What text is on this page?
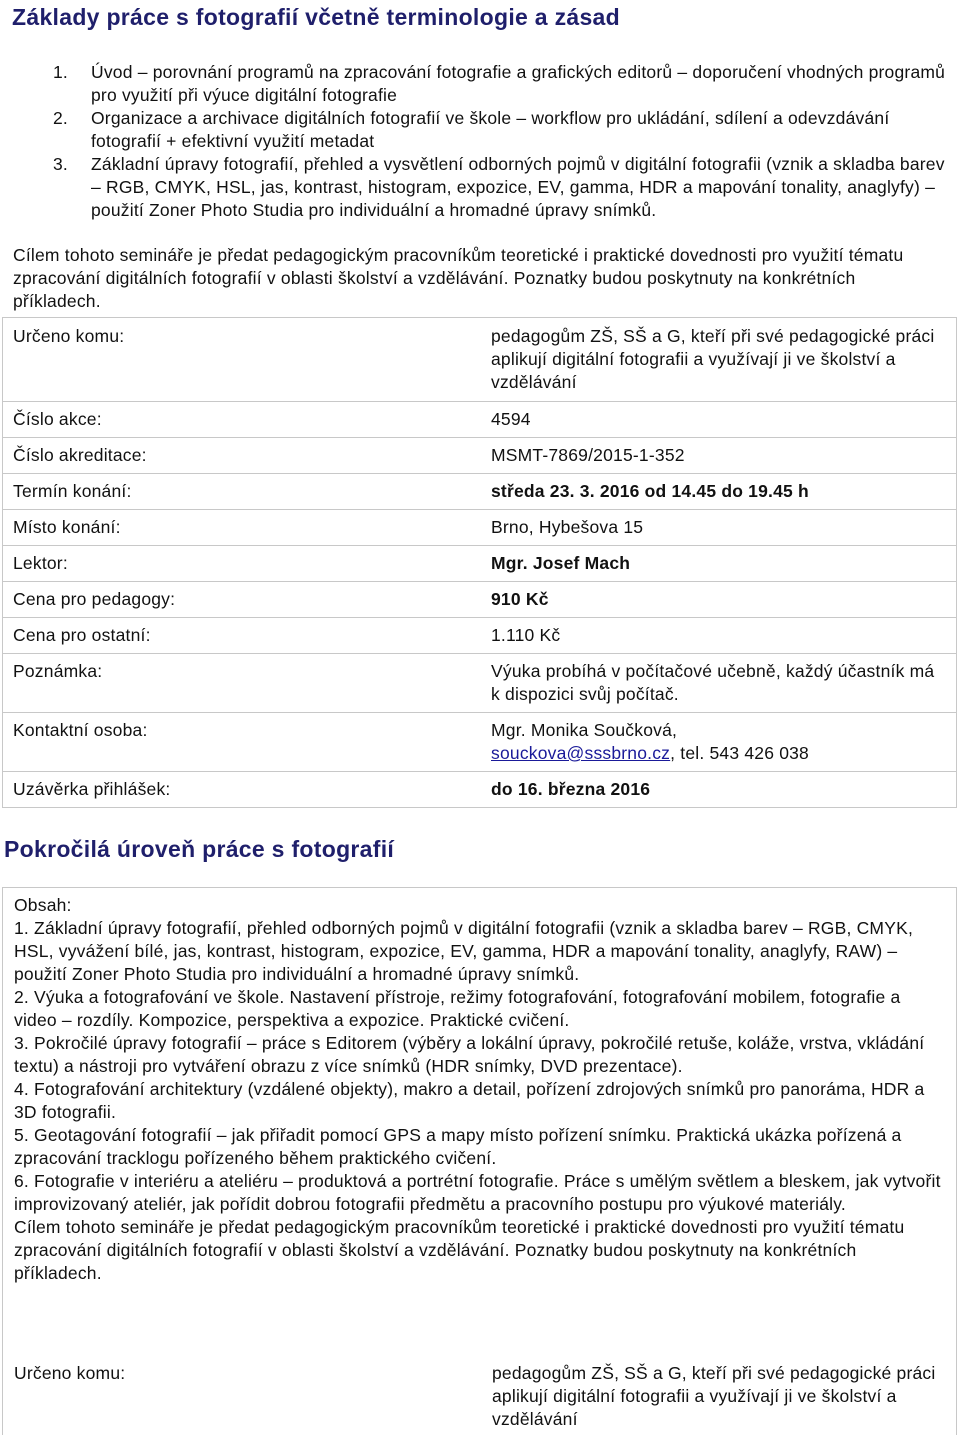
Základy práce s fotografií včetně terminologie a zásad
1. Úvod – porovnání programů na zpracování fotografie a grafických editorů – doporučení vhodných programů pro využití při výuce digitální fotografie
2. Organizace a archivace digitálních fotografií ve škole – workflow pro ukládání, sdílení a odevzdávání fotografií + efektivní využití metadat
3. Základní úpravy fotografií, přehled a vysvětlení odborných pojmů v digitální fotografii (vznik a skladba barev – RGB, CMYK, HSL, jas, kontrast, histogram, expozice, EV, gamma, HDR a mapování tonality, anaglyfy) – použití Zoner Photo Studia pro individuální a hromadné úpravy snímků.

Cílem tohoto semináře je předat pedagogickým pracovníkům teoretické i praktické dovednosti pro využití tématu zpracování digitálních fotografií v oblasti školství a vzdělávání. Poznatky budou poskytnuty na konkrétních příkladech.

Určeno komu:	pedagogům ZŠ, SŠ a G, kteří při své pedagogické práci aplikují digitální fotografii a využívají ji ve školství a vzdělávání
Číslo akce:	4594
Číslo akreditace:	MSMT-7869/2015-1-352
Termín konání:	středa 23. 3. 2016 od 14.45 do 19.45 h
Místo konání:	Brno, Hybešova 15
Lektor:	Mgr. Josef Mach
Cena pro pedagogy:	910 Kč
Cena pro ostatní:	1.110 Kč
Poznámka:	Výuka probíhá v počítačové učebně, každý účastník má k dispozici svůj počítač.
Kontaktní osoba:	Mgr. Monika Součková,
souckova@sssbrno.cz, tel. 543 426 038
Uzávěrka přihlášek:	do 16. března 2016
Pokročilá úroveň práce s fotografií

Obsah:

1. Základní úpravy fotografií, přehled odborných pojmů v digitální fotografii (vznik a skladba barev – RGB, CMYK, HSL, vyvážení bílé, jas, kontrast, histogram, expozice, EV, gamma, HDR a mapování tonality, anaglyfy, RAW) – použití Zoner Photo Studia pro individuální a hromadné úpravy snímků.

2. Výuka a fotografování ve škole. Nastavení přístroje, režimy fotografování, fotografování mobilem, fotografie a video – rozdíly. Kompozice, perspektiva a expozice. Praktické cvičení.

3. Pokročilé úpravy fotografií – práce s Editorem (výběry a lokální úpravy, pokročilé retuše, koláže, vrstva, vkládání textu) a nástroji pro vytváření obrazu z více snímků (HDR snímky, DVD prezentace).

4. Fotografování architektury (vzdálené objekty), makro a detail, pořízení zdrojových snímků pro panoráma, HDR a 3D fotografii.

5. Geotagování fotografií – jak přiřadit pomocí GPS a mapy místo pořízení snímku. Praktická ukázka pořízená a zpracování tracklogu pořízeného během praktického cvičení.

6. Fotografie v interiéru a ateliéru – produktová a portrétní fotografie. Práce s umělým světlem a bleskem, jak vytvořit improvizovaný ateliér, jak pořídit dobrou fotografii předmětu a pracovního postupu pro výukové materiály.

Cílem tohoto semináře je předat pedagogickým pracovníkům teoretické i praktické dovednosti pro využití tématu zpracování digitálních fotografií v oblasti školství a vzdělávání. Poznatky budou poskytnuty na konkrétních příkladech.

Určeno komu:	pedagogům ZŠ, SŠ a G, kteří při své pedagogické práci aplikují digitální fotografii a využívají ji ve školství a vzdělávání
